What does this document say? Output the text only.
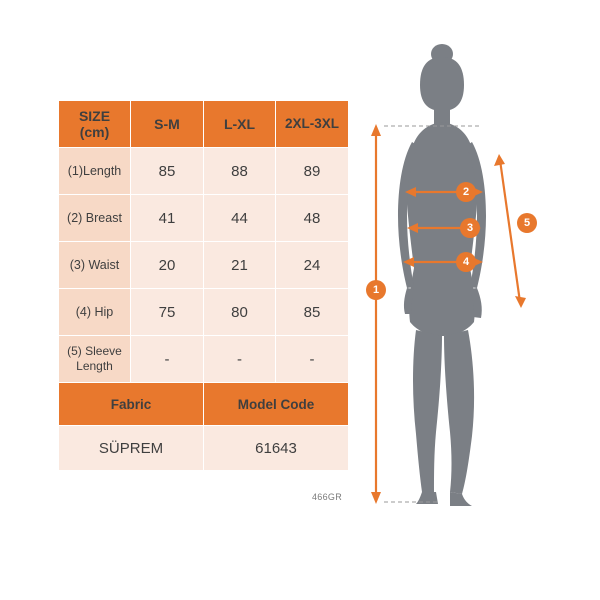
SIZE
(cm)	S-M	L-XL	2XL-3XL
(1)Length	85	88	89
(2) Breast	41	44	48
(3) Waist	20	21	24
(4) Hip	75	80	85

(5) Sleeve
Length	-	-	-
Fabric		Model Code	
SÜPREM		61643	
466GR
1
2
3
4
5
